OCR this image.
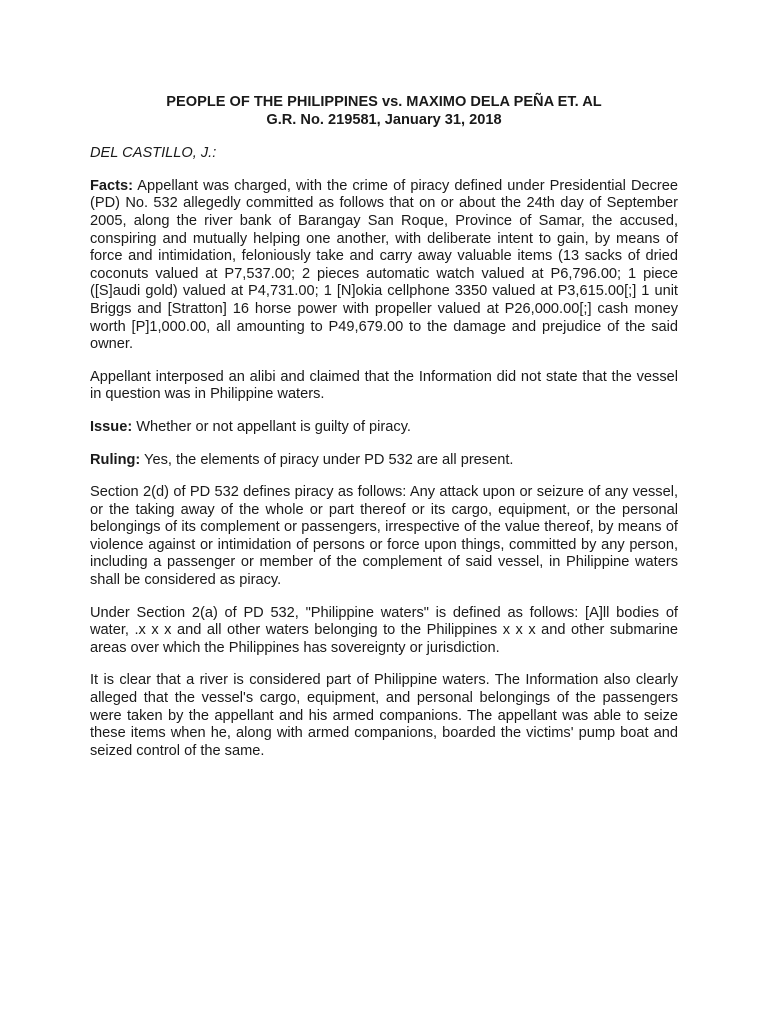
PEOPLE OF THE PHILIPPINES vs. MAXIMO DELA PEÑA ET. AL
G.R. No. 219581, January 31, 2018

DEL CASTILLO, J.:

Facts: Appellant was charged, with the crime of piracy defined under Presidential Decree (PD) No. 532 allegedly committed as follows that on or about the 24th day of September 2005, along the river bank of Barangay San Roque, Province of Samar, the accused, conspiring and mutually helping one another, with deliberate intent to gain, by means of force and intimidation, feloniously take and carry away valuable items (13 sacks of dried coconuts valued at P7,537.00; 2 pieces automatic watch valued at P6,796.00; 1 piece ([S]audi gold) valued at P4,731.00; 1 [N]okia cellphone 3350 valued at P3,615.00[;] 1 unit Briggs and [Stratton] 16 horse power with propeller valued at P26,000.00[;] cash money worth [P]1,000.00, all amounting to P49,679.00 to the damage and prejudice of the said owner.

Appellant interposed an alibi and claimed that the Information did not state that the vessel in question was in Philippine waters.

Issue: Whether or not appellant is guilty of piracy.

Ruling: Yes, the elements of piracy under PD 532 are all present.

Section 2(d) of PD 532 defines piracy as follows: Any attack upon or seizure of any vessel, or the taking away of the whole or part thereof or its cargo, equipment, or the personal belongings of its complement or passengers, irrespective of the value thereof, by means of violence against or intimidation of persons or force upon things, committed by any person, including a passenger or member of the complement of said vessel, in Philippine waters shall be considered as piracy.

Under Section 2(a) of PD 532, "Philippine waters" is defined as follows: [A]ll bodies of water, .x x x and all other waters belonging to the Philippines x x x and other submarine areas over which the Philippines has sovereignty or jurisdiction.

It is clear that a river is considered part of Philippine waters. The Information also clearly alleged that the vessel's cargo, equipment, and personal belongings of the passengers were taken by the appellant and his armed companions. The appellant was able to seize these items when he, along with armed companions, boarded the victims' pump boat and seized control of the same.
